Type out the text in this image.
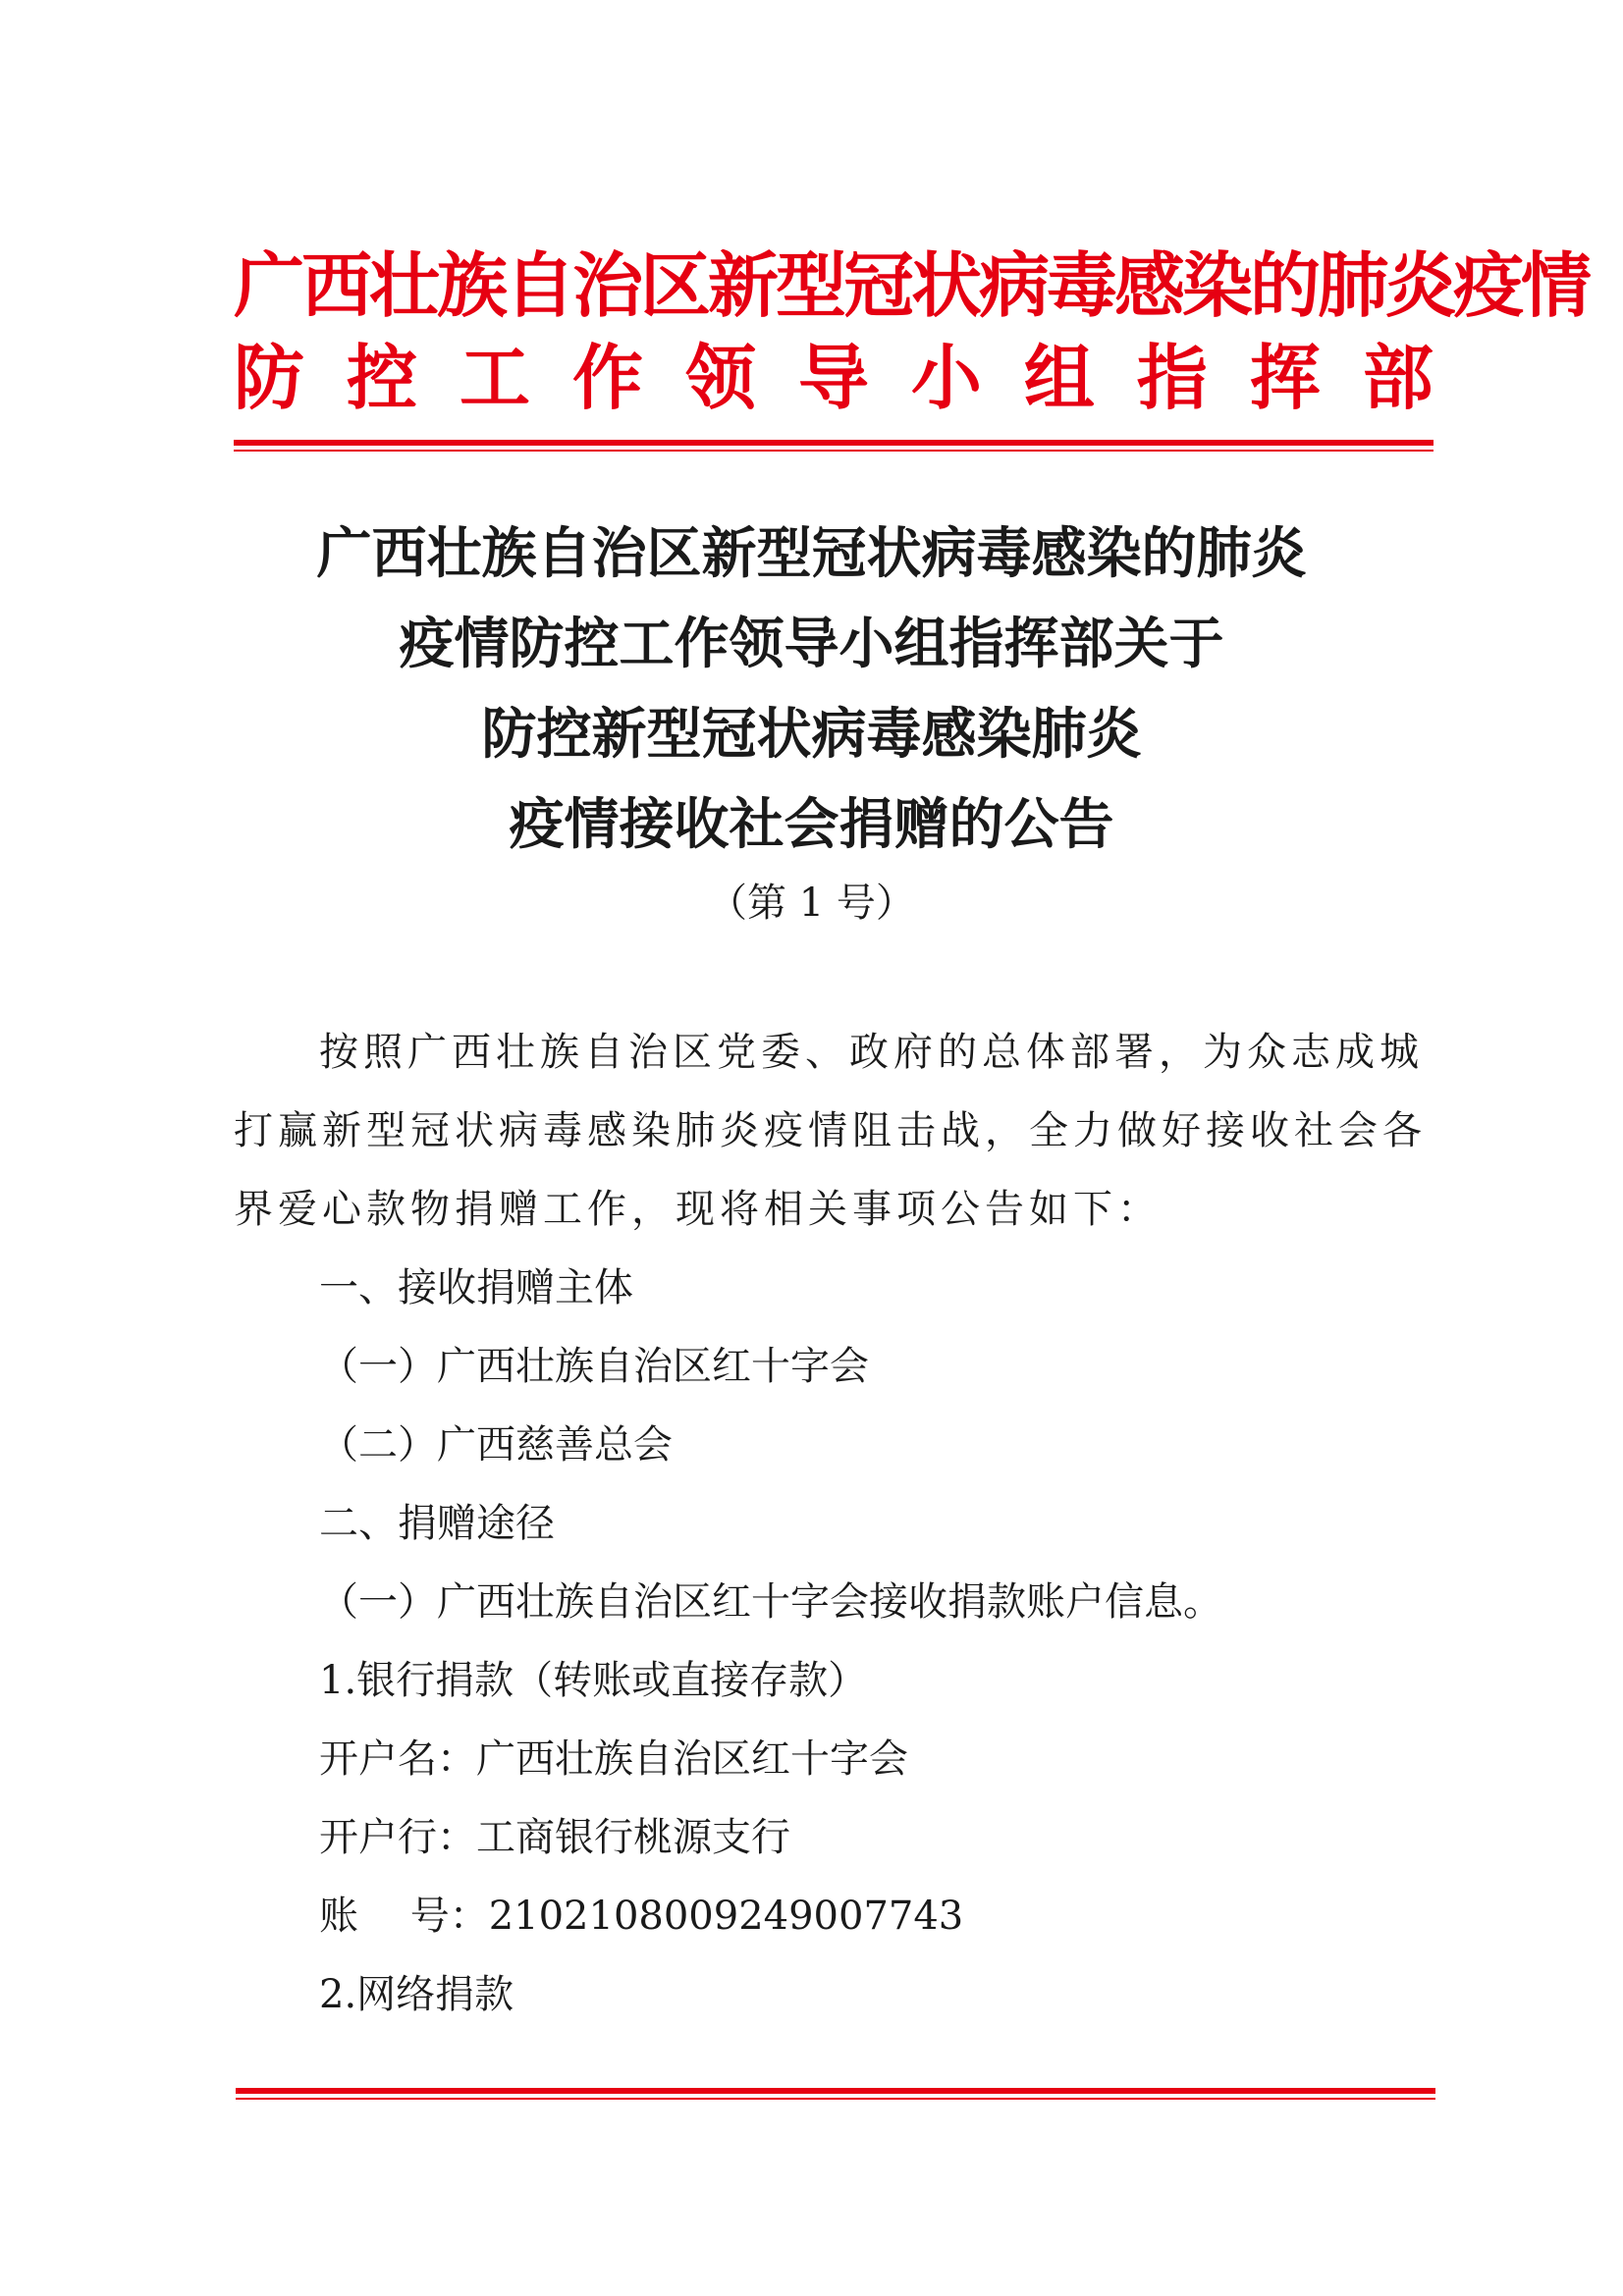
广西壮族自治区新型冠状病毒感染的肺炎疫情
防 控 工 作 领 导 小 组 指 挥 部
广西壮族自治区新型冠状病毒感染的肺炎
疫情防控工作领导小组指挥部关于
防控新型冠状病毒感染肺炎
疫情接收社会捐赠的公告
（第 1 号）
按照广西壮族自治区党委、政府的总体部署，为众志成城
打赢新型冠状病毒感染肺炎疫情阻击战，全力做好接收社会各
界爱心款物捐赠工作，现将相关事项公告如下：
一、接收捐赠主体
（一）广西壮族自治区红十字会
（二）广西慈善总会
二、捐赠途径
（一）广西壮族自治区红十字会接收捐款账户信息。
1.银行捐款（转账或直接存款）
开户名：广西壮族自治区红十字会
开户行：工商银行桃源支行
账　 号：2102108009249007743
2.网络捐款
